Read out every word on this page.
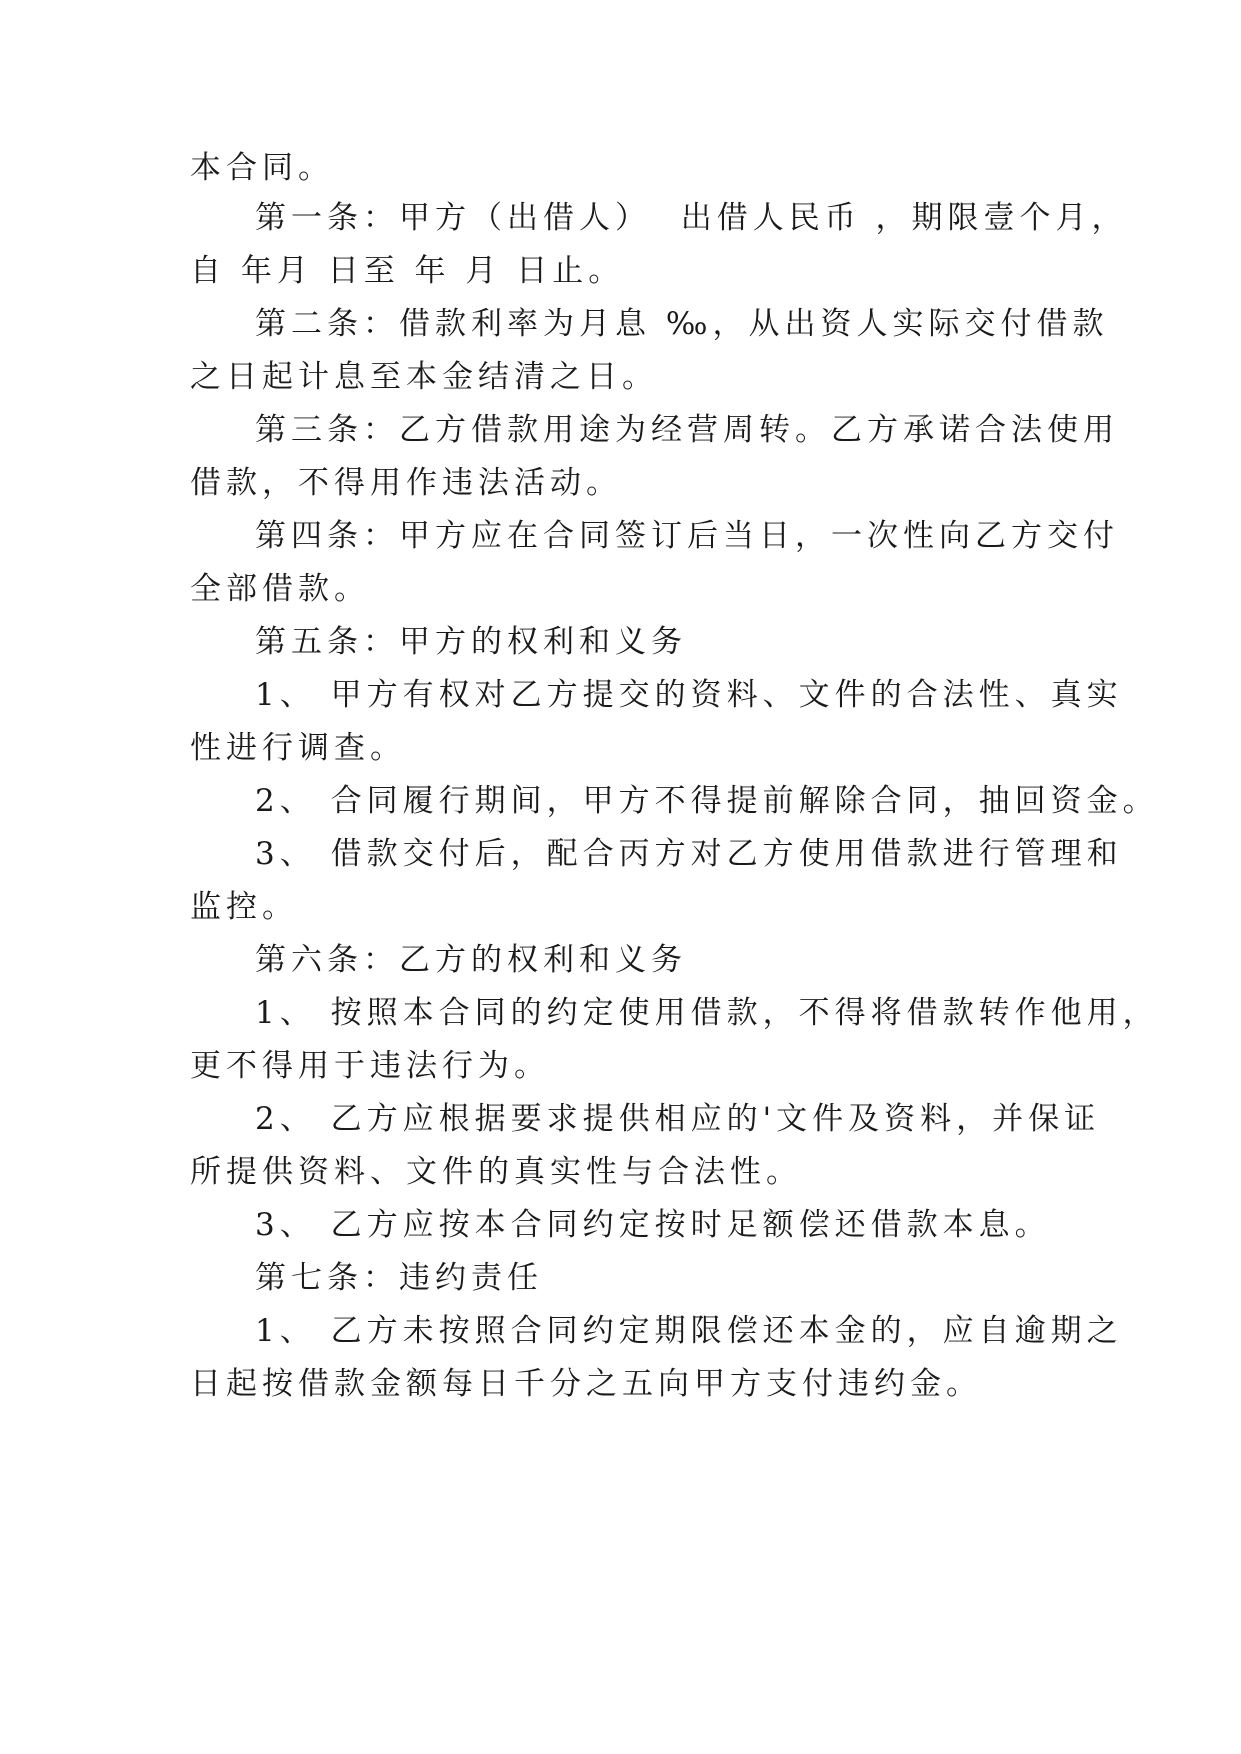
本合同。
第一条：甲方（出借人）  出借人民币 ，期限壹个月，
自 年月 日至 年 月 日止。
第二条：借款利率为月息 ‰，从出资人实际交付借款
之日起计息至本金结清之日。
第三条：乙方借款用途为经营周转。乙方承诺合法使用
借款，不得用作违法活动。
第四条：甲方应在合同签订后当日，一次性向乙方交付
全部借款。
第五条：甲方的权利和义务
1、 甲方有权对乙方提交的资料、文件的合法性、真实
性进行调查。
2、 合同履行期间，甲方不得提前解除合同，抽回资金。
3、 借款交付后，配合丙方对乙方使用借款进行管理和
监控。
第六条：乙方的权利和义务
1、 按照本合同的约定使用借款，不得将借款转作他用，
更不得用于违法行为。
2、 乙方应根据要求提供相应的'文件及资料，并保证
所提供资料、文件的真实性与合法性。
3、 乙方应按本合同约定按时足额偿还借款本息。
第七条：违约责任
1、 乙方未按照合同约定期限偿还本金的，应自逾期之
日起按借款金额每日千分之五向甲方支付违约金。
